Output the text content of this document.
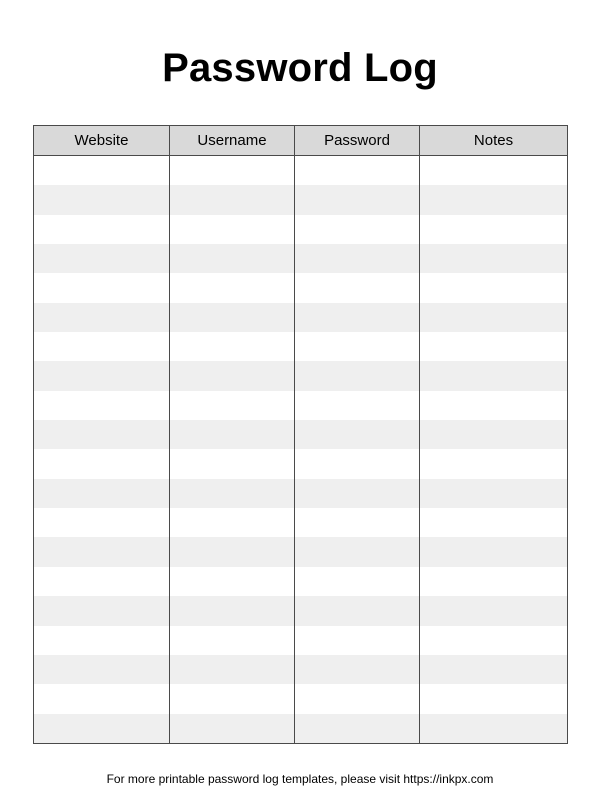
Password Log
Website	Username	Password	Notes

For more printable password log templates, please visit https://inkpx.com
